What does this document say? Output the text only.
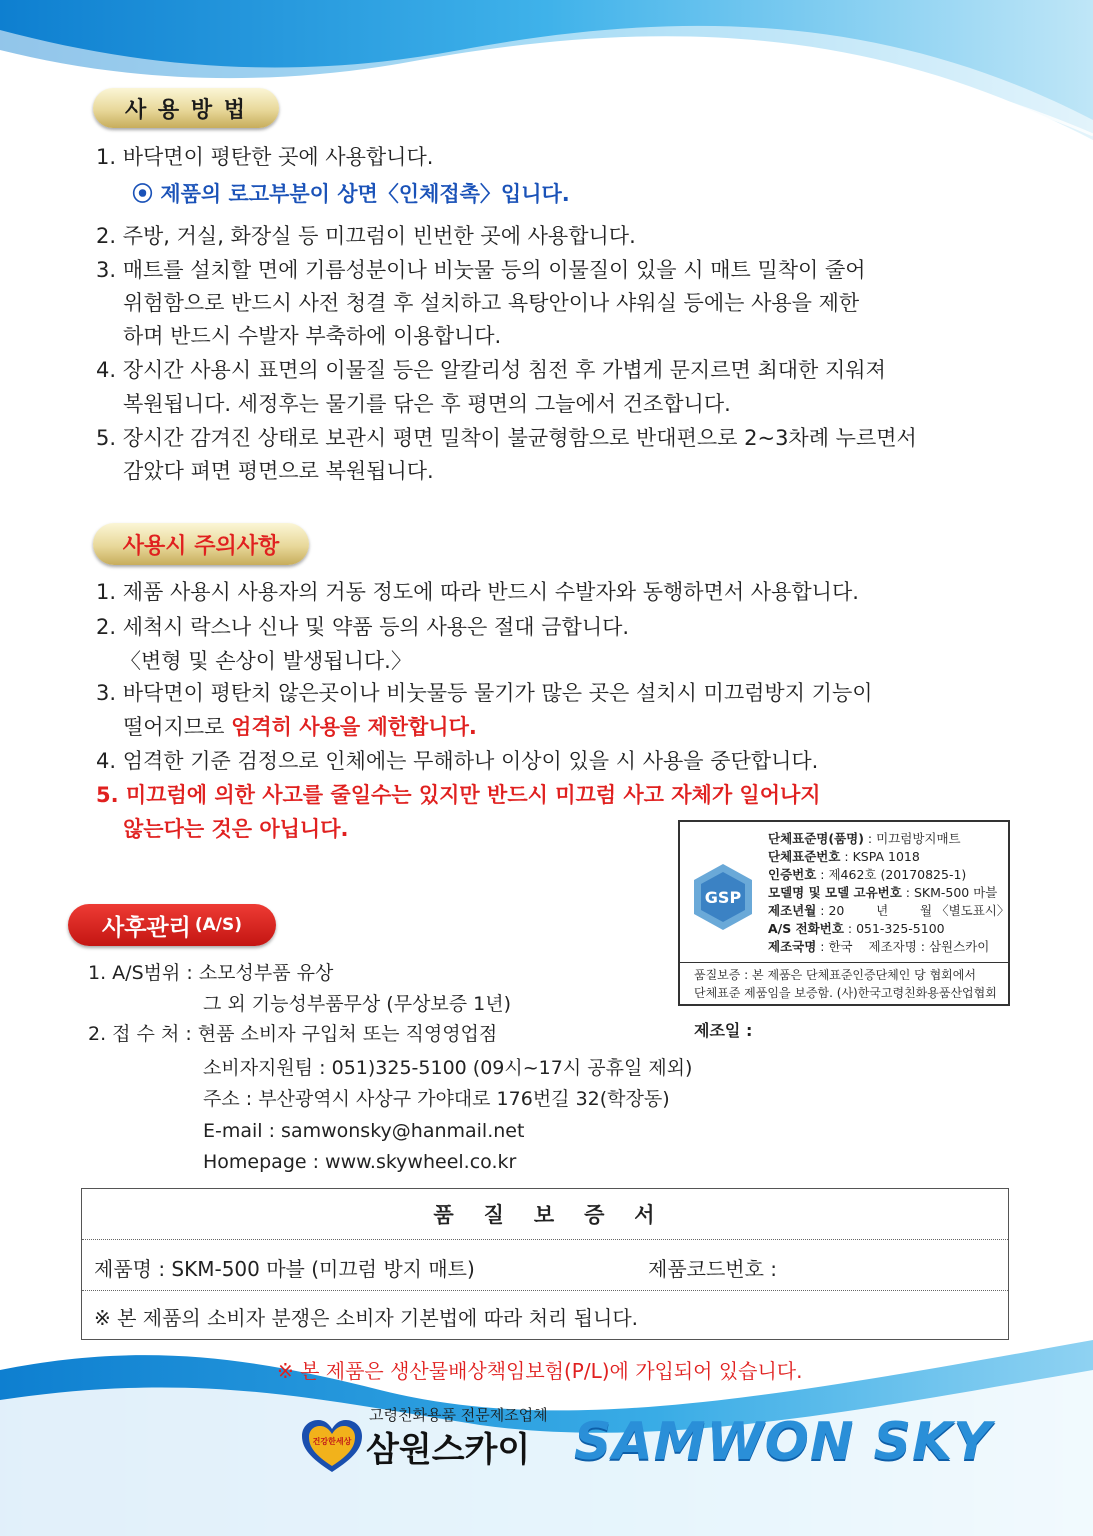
사 용 방 법
1. 바닥면이 평탄한 곳에 사용합니다.
⦿ 제품의 로고부분이 상면〈인체접촉〉입니다.
2. 주방, 거실, 화장실 등 미끄럼이 빈번한 곳에 사용합니다.
3. 매트를 설치할 면에 기름성분이나 비눗물 등의 이물질이 있을 시 매트 밀착이 줄어
위험함으로 반드시 사전 청결 후 설치하고 욕탕안이나 샤워실 등에는 사용을 제한
하며 반드시 수발자 부축하에 이용합니다.
4. 장시간 사용시 표면의 이물질 등은 알칼리성 침전 후 가볍게 문지르면 최대한 지워져
복원됩니다. 세정후는 물기를 닦은 후 평면의 그늘에서 건조합니다.
5. 장시간 감겨진 상태로 보관시 평면 밀착이 불균형함으로 반대편으로 2~3차례 누르면서
감았다 펴면 평면으로 복원됩니다.
사용시 주의사항
1. 제품 사용시 사용자의 거동 정도에 따라 반드시 수발자와 동행하면서 사용합니다.
2. 세척시 락스나 신나 및 약품 등의 사용은 절대 금합니다.
〈변형 및 손상이 발생됩니다.〉
3. 바닥면이 평탄치 않은곳이나 비눗물등 물기가 많은 곳은 설치시 미끄럼방지 기능이
떨어지므로 엄격히 사용을 제한합니다.
4. 엄격한 기준 검정으로 인체에는 무해하나 이상이 있을 시 사용을 중단합니다.
5. 미끄럼에 의한 사고를 줄일수는 있지만 반드시 미끄럼 사고 자체가 일어나지
않는다는 것은 아닙니다.
GSP
단체표준명(품명) : 미끄럼방지매트
단체표준번호 : KSPA 1018
인증번호 : 제462호 (20170825-1)
모델명 및 모델 고유번호 : SKM-500 마블
제조년월 : 20        년        월 〈별도표시〉
A/S 전화번호 : 051-325-5100
제조국명 : 한국    제조자명 : 삼원스카이
품질보증 : 본 제품은 단체표준인증단체인 당 협회에서
단체표준 제품임을 보증함. (사)한국고령친화용품산업협회
제조일 :
사후관리 (A/S)
1. A/S범위 : 소모성부품 유상
그 외 기능성부품무상 (무상보증 1년)
2. 접 수 처 : 현품 소비자 구입처 또는 직영영업점
소비자지원팀 : 051)325-5100 (09시~17시 공휴일 제외)
주소 : 부산광역시 사상구 가야대로 176번길 32(학장동)
E-mail : samwonsky@hanmail.net
Homepage : www.skywheel.co.kr
품   질   보   증   서
제품명 : SKM-500 마블 (미끄럼 방지 매트)	제품코드번호 :
※ 본 제품의 소비자 분쟁은 소비자 기본법에 따라 처리 됩니다.
※ 본 제품은 생산물배상책임보험(P/L)에 가입되어 있습니다.
고령친화용품 전문제조업체
건강한세상 삼원스카이 SAMWON SKY
